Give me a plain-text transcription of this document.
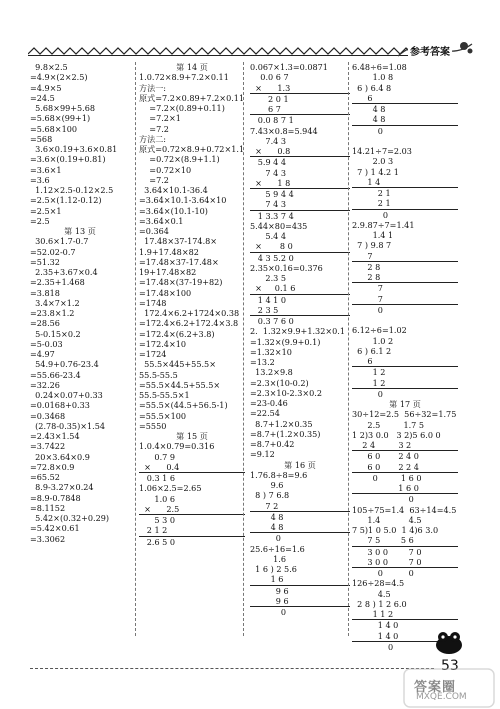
参考答案
9.8×2.5
=4.9×(2×2.5)
=4.9×5
=24.5
5.68×99+5.68
=5.68×(99+1)
=5.68×100
=568
3.6×0.19+3.6×0.81
=3.6×(0.19+0.81)
=3.6×1
=3.6
1.12×2.5-0.12×2.5
=2.5×(1.12-0.12)
=2.5×1
=2.5
第 13 页
30.6×1.7-0.7
=52.02-0.7
=51.32
2.35+3.67×0.4
=2.35+1.468
=3.818
3.4×7×1.2
=23.8×1.2
=28.56
5-0.15×0.2
=5-0.03
=4.97
54.9+0.76-23.4
=55.66-23.4
=32.26
0.24×0.07+0.33
=0.0168+0.33
=0.3468
(2.78-0.35)×1.54
=2.43×1.54
=3.7422
20×3.64×0.9
=72.8×0.9
=65.52
8.9-3.27×0.24
=8.9-0.7848
=8.1152
5.42×(0.32+0.29)
=5.42×0.61
=3.3062
第 14 页
1.0.72×8.9+7.2×0.11
方法一:
原式=7.2×0.89+7.2×0.11
=7.2×(0.89+0.11)
=7.2×1
=7.2
方法二:
原式=0.72×8.9+0.72×1.1
=0.72×(8.9+1.1)
=0.72×10
=7.2
3.64×10.1-36.4
=3.64×10.1-3.64×10
=3.64×(10.1-10)
=3.64×0.1
=0.364
17.48×37-174.8×
1.9+17.48×82
=17.48×37-17.48×
19+17.48×82
=17.48×(37-19+82)
=17.48×100
=1748
172.4×6.2+1724×0.38
=172.4×6.2+172.4×3.8
=172.4×(6.2+3.8)
=172.4×10
=1724
55.5×445+55.5×
55.5-55.5
=55.5×44.5+55.5×
55.5-55.5×1
=55.5×(44.5+56.5-1)
=55.5×100
=5550
第 15 页
1.0.4×0.79=0.316
0.7 9
×      0.4
0.3 1 6
1.06×2.5=2.65
1.0 6
×      2.5
5 3 0
2 1 2
2.6 5 0
0.067×1.3=0.0871
0.0 6 7
×      1.3
2 0 1
6 7
0.0 8 7 1
7.43×0.8=5.944
7.4 3
×      0.8
5.9 4 4
7 4 3
×      1 8
5 9 4 4
7 4 3
1 3.3 7 4
5.44×80=435
5.4 4
×       8 0
4 3 5.2 0
2.35×0.16=0.376
2.3 5
×     0.1 6
1 4 1 0
2 3 5
0.3 7 6 0
2.  1.32×9.9+1.32×0.1
=1.32×(9.9+0.1)
=1.32×10
=13.2
13.2×9.8
=2.3×(10-0.2)
=2.3×10-2.3×0.2
=23-0.46
=22.54
8.7+1.2×0.35
=8.7+(1.2×0.35)
=8.7+0.42
=9.12
第 16 页
1.76.8÷8=9.6
9.6
8 ) 7 6.8
7 2
4 8
4 8
0
25.6÷16=1.6
1.6
1 6 ) 2 5.6
1 6
9 6
9 6
0
6.48÷6=1.08
1.0 8
6 ) 6.4 8
6
4 8
4 8
0

14.21÷7=2.03
2.0 3
7 ) 1 4.2 1
1 4
2 1
2 1
0
2.9.87÷7=1.41
1.4 1
7 ) 9.8 7
7
2 8
2 8
7
7
0

6.12÷6=1.02
1.0 2
6 ) 6.1 2
6
1 2
1 2
0
第 17 页
30÷12=2.5  56÷32=1.75
2.5         1.7 5
1 2)3 0.0   3 2)5 6.0 0
2 4         3 2
6 0       2 4 0
6 0       2 2 4
0         1 6 0
1 6 0
0
105÷75=1.4  63÷14=4.5
1.4           4.5
7 5)1 0 5.0  1 4)6 3.0
7 5        5 6
3 0 0        7 0
3 0 0        7 0
0          0
126÷28=4.5
4.5
2 8 ) 1 2 6.0
1 1 2
1 4 0
1 4 0
0
53
答案圈
MXQE.COM
